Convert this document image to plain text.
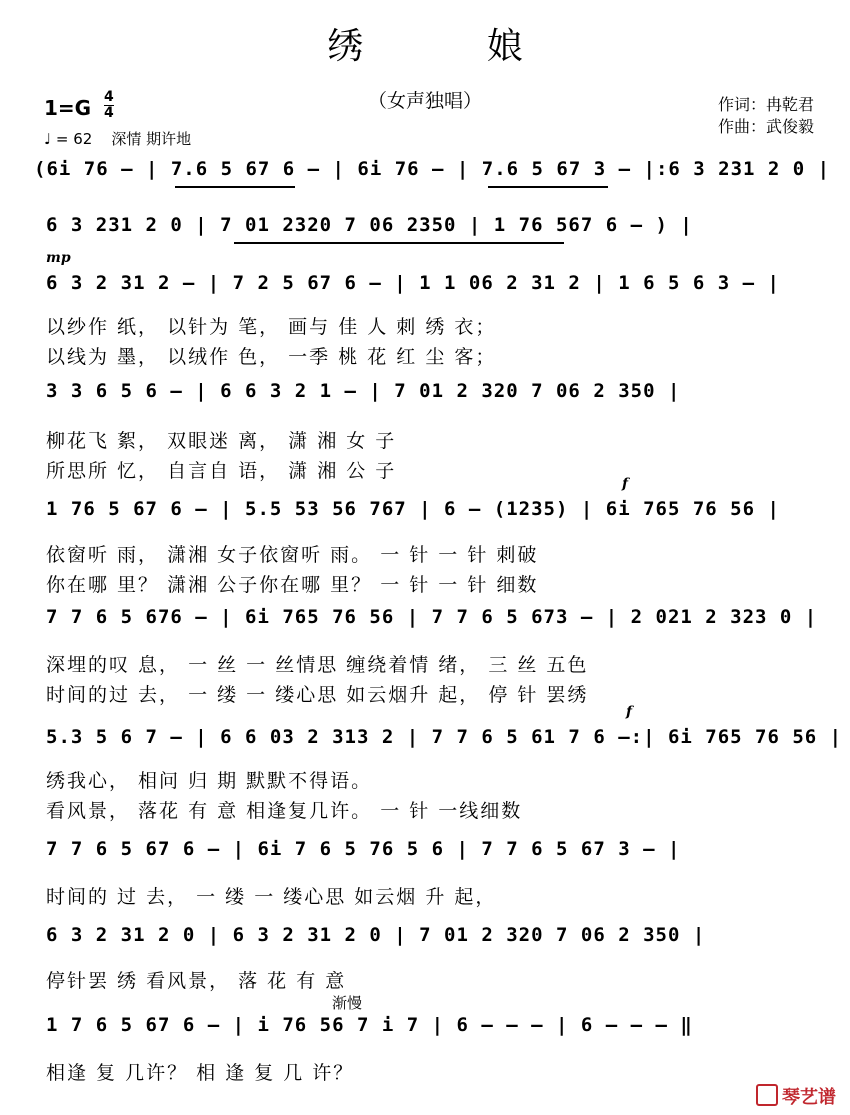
绣 娘
（女声独唱）	作词：冉乾君
作曲：武俊毅
1=G 4
4
♩ = 62 深情 期许地
(6i 76 – | 7.6 5 67 6 – | 6i 76 – | 7.6 5 67 3 – |:6 3 231 2 0 |
6 3 231 2 0 | 7 01 2320 7 06 2350 | 1 76 567 6 – ) |
mp
6 3 2 31 2 – | 7 2 5 67 6 – | 1 1 06 2 31 2 | 1 6 5 6 3 – |
以纱作 纸， 以针为 笔， 画与 佳 人 刺 绣 衣；
以线为 墨， 以绒作 色， 一季 桃 花 红 尘 客；
3 3 6 5 6 – | 6 6 3 2 1 – | 7 01 2 320 7 06 2 350 |
柳花飞 絮， 双眼迷 离， 潇 湘 女 子
所思所 忆， 自言自 语， 潇 湘 公 子
f
1 76 5 67 6 – | 5.5 53 56 767 | 6 – (1235) | 6i 765 76 56 |
依窗听 雨， 潇湘 女子依窗听 雨。 一 针 一 针 刺破
你在哪 里？ 潇湘 公子你在哪 里？ 一 针 一 针 细数
7 7 6 5 676 – | 6i 765 76 56 | 7 7 6 5 673 – | 2 021 2 323 0 |
深埋的叹 息， 一 丝 一 丝情思 缠绕着情 绪， 三 丝 五色
时间的过 去， 一 缕 一 缕心思 如云烟升 起， 停 针 罢绣
f
5.3 5 6 7 – | 6 6 03 2 313 2 | 7 7 6 5 61 7 6 –:| 6i 765 76 56 |
绣我心， 相问 归 期 默默不得语。
看风景， 落花 有 意 相逢复几许。 一 针 一线细数
7 7 6 5 67 6 – | 6i 7 6 5 76 5 6 | 7 7 6 5 67 3 – |
时间的 过 去， 一 缕 一 缕心思 如云烟 升 起，
6 3 2 31 2 0 | 6 3 2 31 2 0 | 7 01 2 320 7 06 2 350 |
停针罢 绣 看风景， 落 花 有 意
渐慢
1 7 6 5 67 6 – | i 76 56 7 i 7 | 6 – – – | 6 – – – ‖
相逢 复 几许？ 相 逢 复 几 许？
琴艺谱
